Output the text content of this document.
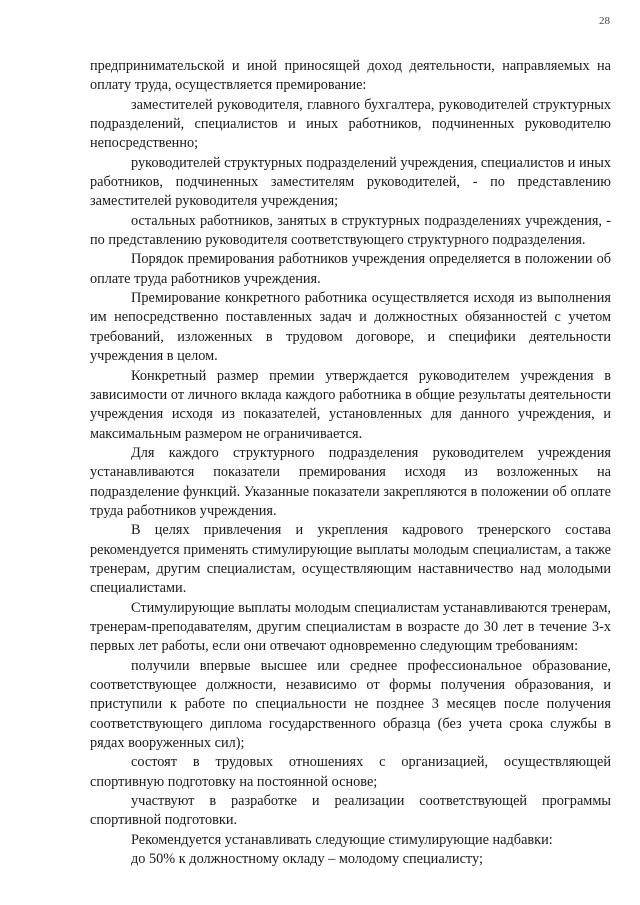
28

предпринимательской и иной приносящей доход деятельности, направляемых на оплату труда, осуществляется премирование:

заместителей руководителя, главного бухгалтера, руководителей структурных подразделений, специалистов и иных работников, подчиненных руководителю непосредственно;

руководителей структурных подразделений учреждения, специалистов и иных работников, подчиненных заместителям руководителей, - по представлению заместителей руководителя учреждения;

остальных работников, занятых в структурных подразделениях учреждения, - по представлению руководителя соответствующего структурного подразделения.

Порядок премирования работников учреждения определяется в положении об оплате труда работников учреждения.

Премирование конкретного работника осуществляется исходя из выполнения им непосредственно поставленных задач и должностных обязанностей с учетом требований, изложенных в трудовом договоре, и специфики деятельности учреждения в целом.

Конкретный размер премии утверждается руководителем учреждения в зависимости от личного вклада каждого работника в общие результаты деятельности учреждения исходя из показателей, установленных для данного учреждения, и максимальным размером не ограничивается.

Для каждого структурного подразделения руководителем учреждения устанавливаются показатели премирования исходя из возложенных на подразделение функций. Указанные показатели закрепляются в положении об оплате труда работников учреждения.

В целях привлечения и укрепления кадрового тренерского состава рекомендуется применять стимулирующие выплаты молодым специалистам, а также тренерам, другим специалистам, осуществляющим наставничество над молодыми специалистами.

Стимулирующие выплаты молодым специалистам устанавливаются тренерам, тренерам-преподавателям, другим специалистам в возрасте до 30 лет в течение 3-х первых лет работы, если они отвечают одновременно следующим требованиям:

получили впервые высшее или среднее профессиональное образование, соответствующее должности, независимо от формы получения образования, и приступили к работе по специальности не позднее 3 месяцев после получения соответствующего диплома государственного образца (без учета срока службы в рядах вооруженных сил);

состоят в трудовых отношениях с организацией, осуществляющей спортивную подготовку на постоянной основе;

участвуют в разработке и реализации соответствующей программы спортивной подготовки.

Рекомендуется устанавливать следующие стимулирующие надбавки:

до 50% к должностному окладу – молодому специалисту;
